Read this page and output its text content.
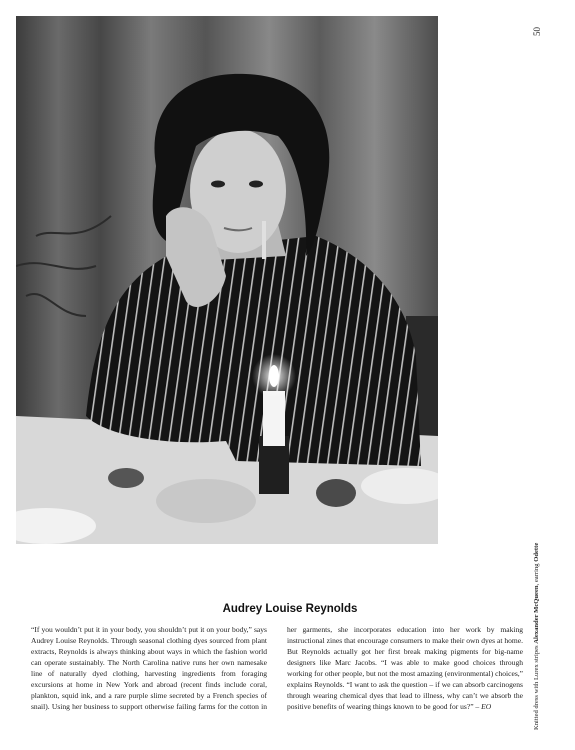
50
Knitted dress with Lurex stripes Alexander McQueen, earring Odette
Audrey Louise Reynolds

“If you wouldn’t put it in your body, you shouldn’t put it on your body,” says Audrey Louise Reynolds. Through seasonal clothing dyes sourced from plant extracts, Reynolds is always thinking about ways in which the fashion world can operate sustainably. The North Carolina native runs her own namesake line of naturally dyed clothing, harvesting ingredients from foraging excursions at home in New York and abroad (recent finds include coral, plankton, squid ink, and a rare purple slime secreted by a French species of snail). Using her business to support otherwise failing farms for the cotton in her garments, she incorporates education into her work by making instructional zines that encourage consumers to make their own dyes at home. But Reynolds actually got her first break making pigments for big-name designers like Marc Jacobs. “I was able to make good choices through working for other people, but not the most amazing (environmental) choices,” explains Reynolds. “I want to ask the question – if we can absorb carcinogens through wearing chemical dyes that lead to illness, why can’t we absorb the positive benefits of wearing things known to be good for us?” – EO
